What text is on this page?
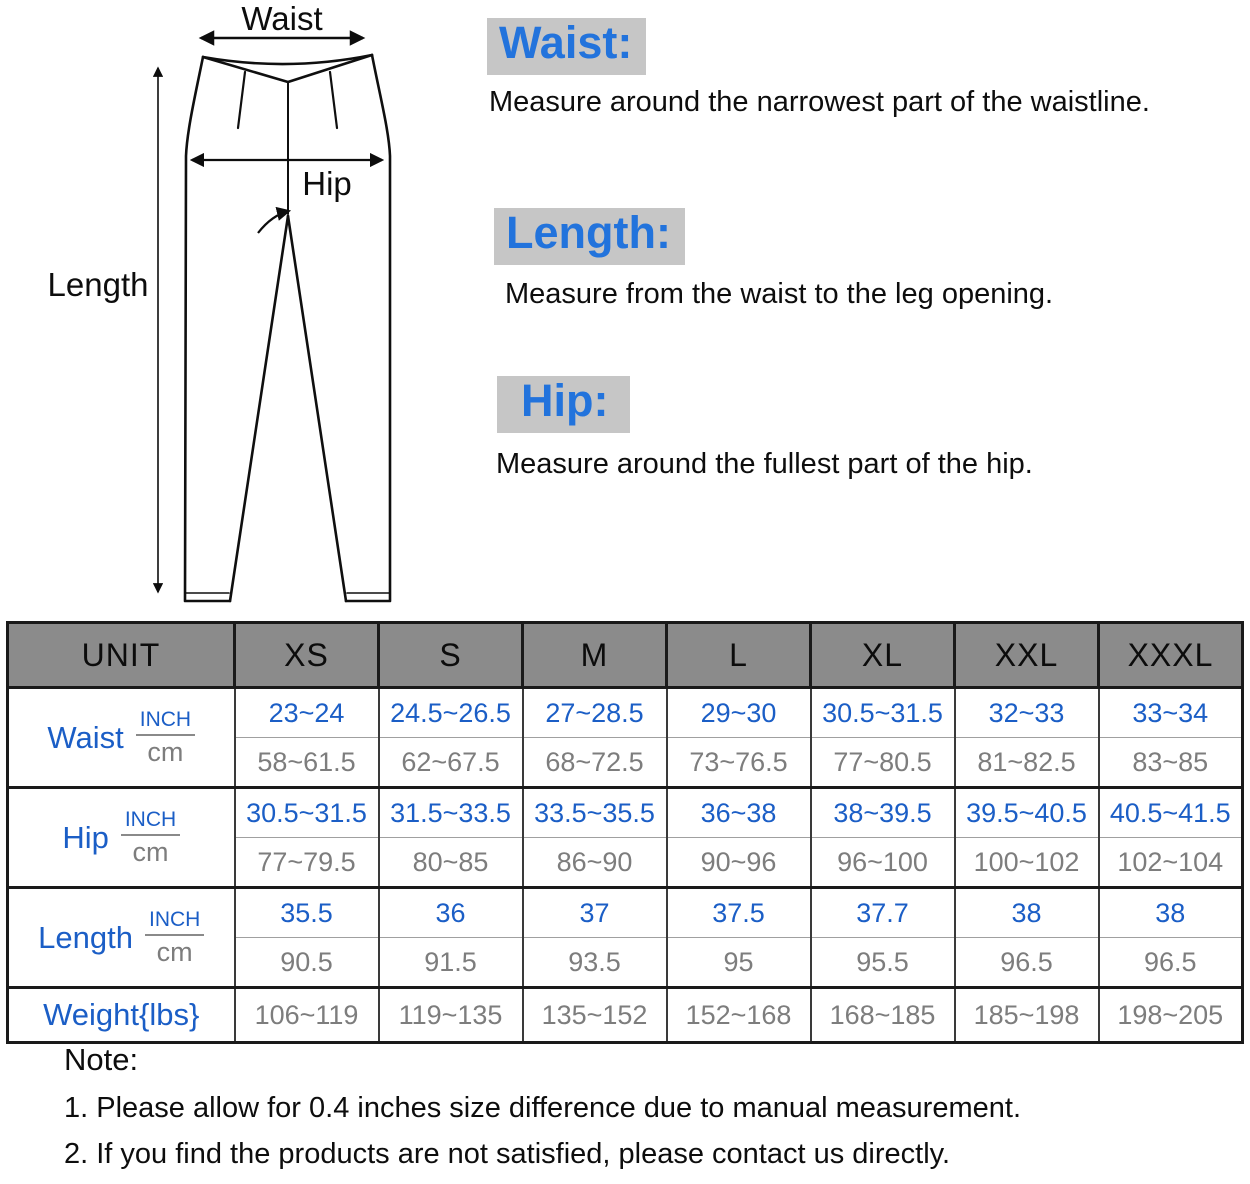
Waist
Hip
Length
Waist:

Measure around the narrowest part of the waistline.

Length:

Measure from the waist to the leg opening.

Hip:

Measure around the fullest part of the hip.

UNIT	XS	S	M	L	XL	XXL	XXXL

Waist $\frac{\text{INCH}}{cm}$	23~24	24.5~26.5	27~28.5	29~30	30.5~31.5	32~33	33~34
	58~61.5	62~67.5	68~72.5	73~76.5	77~80.5	81~82.5	83~85

Hip $\frac{\text{INCH}}{cm}$	30.5~31.5	31.5~33.5	33.5~35.5	36~38	38~39.5	39.5~40.5	40.5~41.5
	77~79.5	80~85	86~90	90~96	96~100	100~102	102~104

Length $\frac{\text{INCH}}{cm}$	35.5	36	37	37.5	37.7	38	38
	90.5	91.5	93.5	95	95.5	96.5	96.5
Weight{lbs}	106~119	119~135	135~152	152~168	168~185	185~198	198~205
Note:
1. Please allow for 0.4 inches size difference due to manual measurement.
2. If you find the products are not satisfied, please contact us directly.
